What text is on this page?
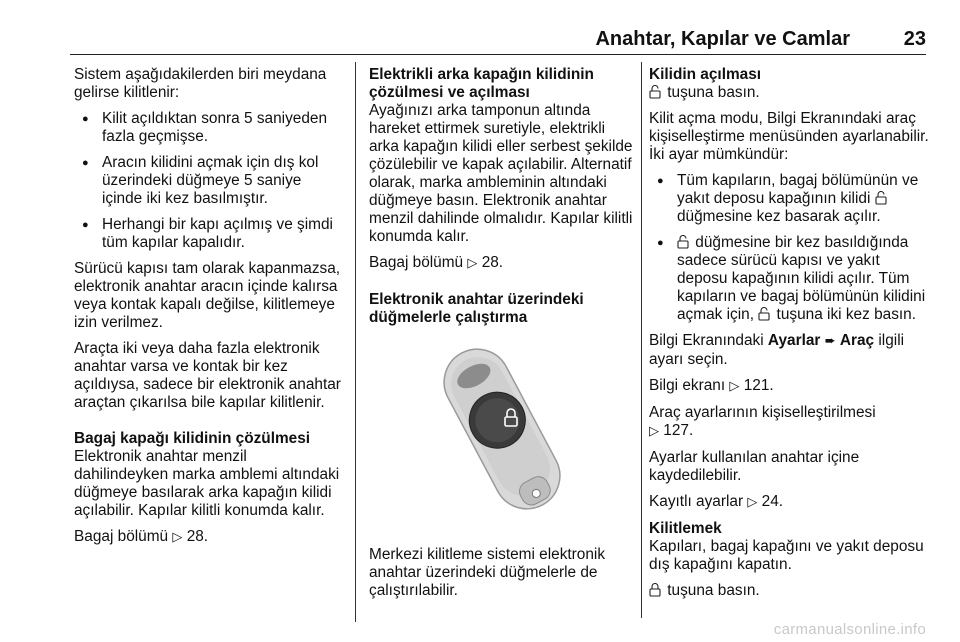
Anahtar, Kapılar ve Camlar	23

Sistem aşağıdakilerden biri meydana gelirse kilitlenir:

● Kilit açıldıktan sonra 5 saniyeden fazla geçmişse.
● Aracın kilidini açmak için dış kol üzerindeki düğmeye 5 saniye içinde iki kez basılmıştır.
● Herhangi bir kapı açılmış ve şimdi tüm kapılar kapalıdır.

Sürücü kapısı tam olarak kapanmazsa, elektronik anahtar aracın içinde kalırsa veya kontak kapalı değilse, kilitlemeye izin verilmez.

Araçta iki veya daha fazla elektronik anahtar varsa ve kontak bir kez açıldıysa, sadece bir elektronik anahtar araçtan çıkarılsa bile kapılar kilitlenir.

Bagaj kapağı kilidinin çözülmesi

Elektronik anahtar menzil dahilindeyken marka amblemi altındaki düğmeye basılarak arka kapağın kilidi açılabilir. Kapılar kilitli konumda kalır.

Bagaj bölümü ▷ 28.

Elektrikli arka kapağın kilidinin çözülmesi ve açılması

Ayağınızı arka tamponun altında hareket ettirmek suretiyle, elektrikli arka kapağın kilidi eller serbest şekilde çözülebilir ve kapak açılabilir. Alternatif olarak, marka ambleminin altındaki düğmeye basın. Elektronik anahtar menzil dahilinde olmalıdır. Kapılar kilitli konumda kalır.

Bagaj bölümü ▷ 28.

Elektronik anahtar üzerindeki düğmelerle çalıştırma

Merkezi kilitleme sistemi elektronik anahtar üzerindeki düğmelerle de çalıştırılabilir.

Kilidin açılması

tuşuna basın.

Kilit açma modu, Bilgi Ekranındaki araç kişiselleştirme menüsünden ayarlanabilir. İki ayar mümkündür:

● Tüm kapıların, bagaj bölümünün ve yakıt deposu kapağının kilidi  düğmesine kez basarak açılır.
● düğmesine bir kez basıldığında sadece sürücü kapısı ve yakıt deposu kapağının kilidi açılır. Tüm kapıların ve bagaj bölümünün kilidini açmak için, tuşuna iki kez basın.

Bilgi Ekranındaki Ayarlar ➨ Araç ilgili ayarı seçin.

Bilgi ekranı ▷ 121.

Araç ayarlarının kişiselleştirilmesi
▷ 127.

Ayarlar kullanılan anahtar içine kaydedilebilir.

Kayıtlı ayarlar ▷ 24.

Kilitlemek

Kapıları, bagaj kapağını ve yakıt deposu dış kapağını kapatın.

tuşuna basın.

carmanualsonline.info
